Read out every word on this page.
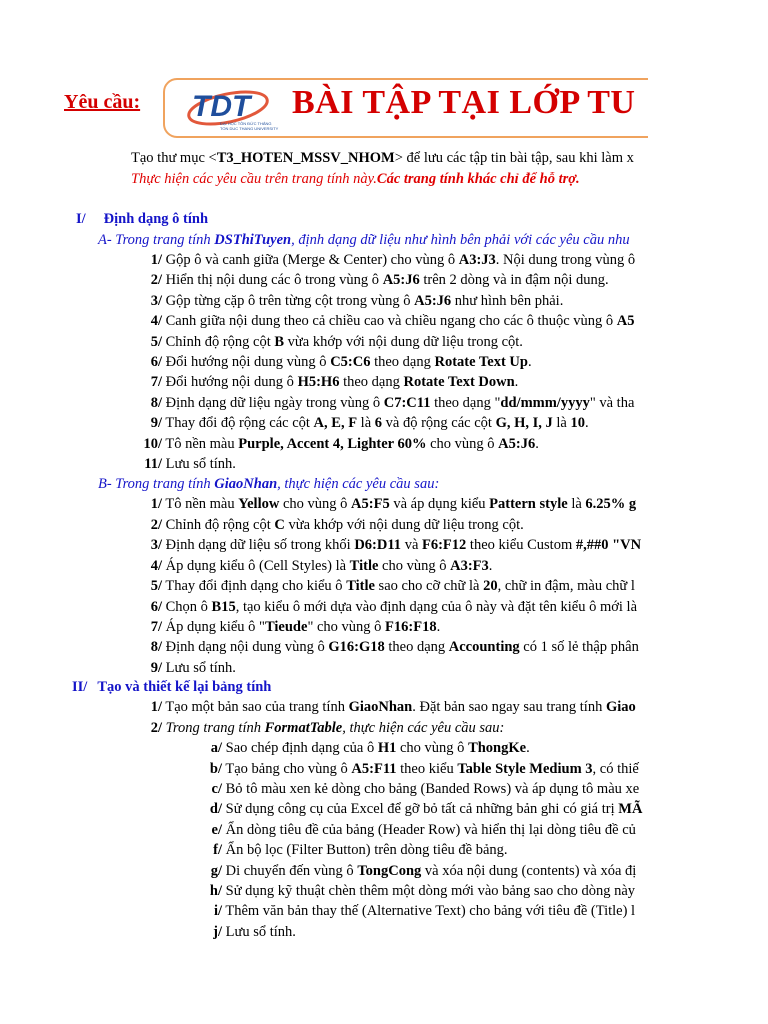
Yêu cầu: TDT
ĐẠI HỌC TÔN ĐỨC THẮNG
TON DUC THANG UNIVERSITY
BÀI TẬP TẠI LỚP TU
Tạo thư mục <T3_HOTEN_MSSV_NHOM> để lưu các tập tin bài tập, sau khi làm x
Thực hiện các yêu cầu trên trang tính này.Các trang tính khác chỉ để hỗ trợ.
I/ Định dạng ô tính
A- Trong trang tính DSThiTuyen, định dạng dữ liệu như hình bên phải với các yêu cầu nhu
1/ Gộp ô và canh giữa (Merge & Center) cho vùng ô A3:J3. Nội dung trong vùng ô
2/ Hiển thị nội dung các ô trong vùng ô A5:J6 trên 2 dòng và in đậm nội dung.
3/ Gộp từng cặp ô trên từng cột trong vùng ô A5:J6 như hình bên phải.
4/ Canh giữa nội dung theo cả chiều cao và chiều ngang cho các ô thuộc vùng ô A5
5/ Chỉnh độ rộng cột B vừa khớp với nội dung dữ liệu trong cột.
6/ Đổi hướng nội dung vùng ô C5:C6 theo dạng Rotate Text Up.
7/ Đổi hướng nội dung ô H5:H6 theo dạng Rotate Text Down.
8/ Định dạng dữ liệu ngày trong vùng ô C7:C11 theo dạng "dd/mmm/yyyy" và tha
9/ Thay đổi độ rộng các cột A, E, F là 6 và độ rộng các cột G, H, I, J là 10.
10/ Tô nền màu Purple, Accent 4, Lighter 60% cho vùng ô A5:J6.
11/ Lưu sổ tính.
B- Trong trang tính GiaoNhan, thực hiện các yêu cầu sau:
1/ Tô nền màu Yellow cho vùng ô A5:F5 và áp dụng kiểu Pattern style là 6.25% g
2/ Chỉnh độ rộng cột C vừa khớp với nội dung dữ liệu trong cột.
3/ Định dạng dữ liệu số trong khối D6:D11 và F6:F12 theo kiểu Custom #,##0 "VN
4/ Áp dụng kiểu ô (Cell Styles) là Title cho vùng ô A3:F3.
5/ Thay đổi định dạng cho kiểu ô Title sao cho cỡ chữ là 20, chữ in đậm, màu chữ l
6/ Chọn ô B15, tạo kiểu ô mới dựa vào định dạng của ô này và đặt tên kiểu ô mới là
7/ Áp dụng kiểu ô "Tieude" cho vùng ô F16:F18.
8/ Định dạng nội dung vùng ô G16:G18 theo dạng Accounting có 1 số lẻ thập phân
9/ Lưu sổ tính.
II/ Tạo và thiết kế lại bảng tính
1/ Tạo một bản sao của trang tính GiaoNhan. Đặt bản sao ngay sau trang tính Giao
2/ Trong trang tính FormatTable, thực hiện các yêu cầu sau:
a/ Sao chép định dạng của ô H1 cho vùng ô ThongKe.
b/ Tạo bảng cho vùng ô A5:F11 theo kiểu Table Style Medium 3, có thiế
c/ Bỏ tô màu xen kẻ dòng cho bảng (Banded Rows) và áp dụng tô màu xe
d/ Sử dụng công cụ của Excel để gỡ bỏ tất cả những bản ghi có giá trị MÃ
e/ Ẩn dòng tiêu đề của bảng (Header Row) và hiển thị lại dòng tiêu đề củ
f/ Ẩn bộ lọc (Filter Button) trên dòng tiêu đề bảng.
g/ Di chuyển đến vùng ô TongCong và xóa nội dung (contents) và xóa đị
h/ Sử dụng kỹ thuật chèn thêm một dòng mới vào bảng sao cho dòng này
i/ Thêm văn bản thay thế (Alternative Text) cho bảng với tiêu đề (Title) l
j/ Lưu sổ tính.
